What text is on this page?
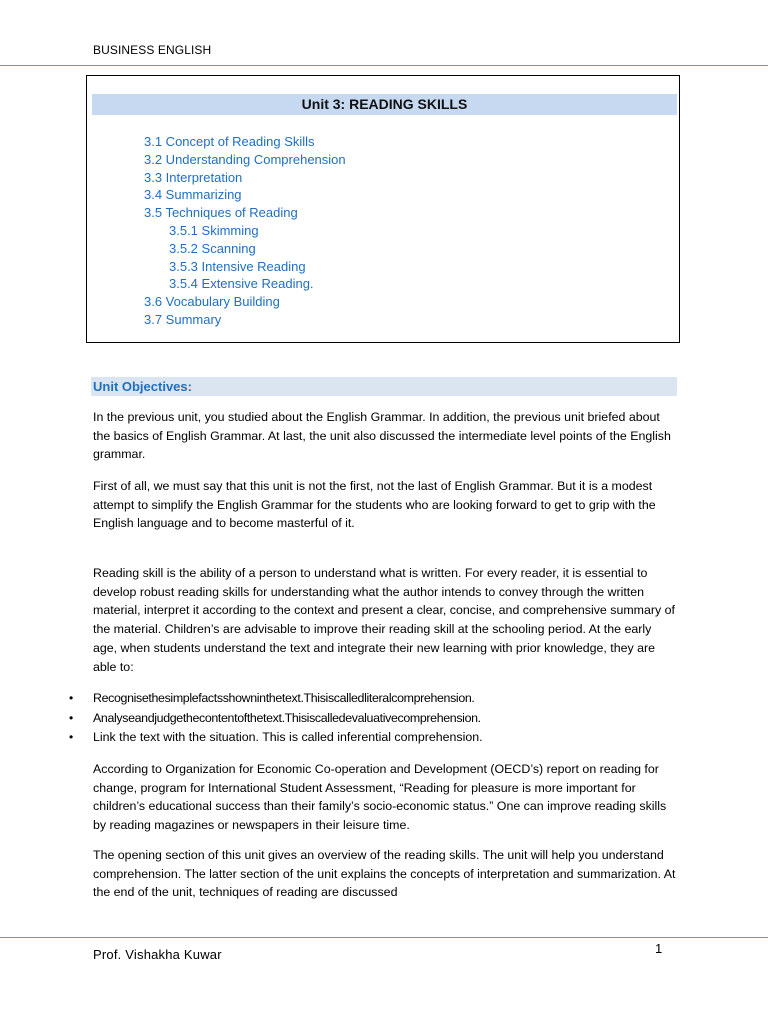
BUSINESS ENGLISH
Unit 3: READING SKILLS
3.1 Concept of Reading Skills
3.2 Understanding Comprehension
3.3 Interpretation
3.4 Summarizing
3.5 Techniques of Reading
3.5.1 Skimming
3.5.2 Scanning
3.5.3 Intensive Reading
3.5.4 Extensive Reading.
3.6 Vocabulary Building
3.7 Summary
Unit Objectives:

In the previous unit, you studied about the English Grammar. In addition, the previous unit briefed about the basics of English Grammar. At last, the unit also discussed the intermediate level points of the English grammar.

First of all, we must say that this unit is not the first, not the last of English Grammar. But it is a modest attempt to simplify the English Grammar for the students who are looking forward to get to grip with the English language and to become masterful of it.

Reading skill is the ability of a person to understand what is written. For every reader, it is essential to develop robust reading skills for understanding what the author intends to convey through the written material, interpret it according to the context and present a clear, concise, and comprehensive summary of the material. Children’s are advisable to improve their reading skill at the schooling period. At the early age, when students understand the text and integrate their new learning with prior knowledge, they are able to:

• Recognisethesimplefactsshowninthetext.Thisiscalledliteralcomprehension.
• Analyseandjudgethecontentofthetext.Thisiscalledevaluativecomprehension.
• Link the text with the situation. This is called inferential comprehension.

According to Organization for Economic Co-operation and Development (OECD’s) report on reading for change, program for International Student Assessment, “Reading for pleasure is more important for children’s educational success than their family’s socio-economic status.” One can improve reading skills by reading magazines or newspapers in their leisure time.

The opening section of this unit gives an overview of the reading skills. The unit will help you understand comprehension. The latter section of the unit explains the concepts of interpretation and summarization. At the end of the unit, techniques of reading are discussed

Prof. Vishakha Kuwar	1
